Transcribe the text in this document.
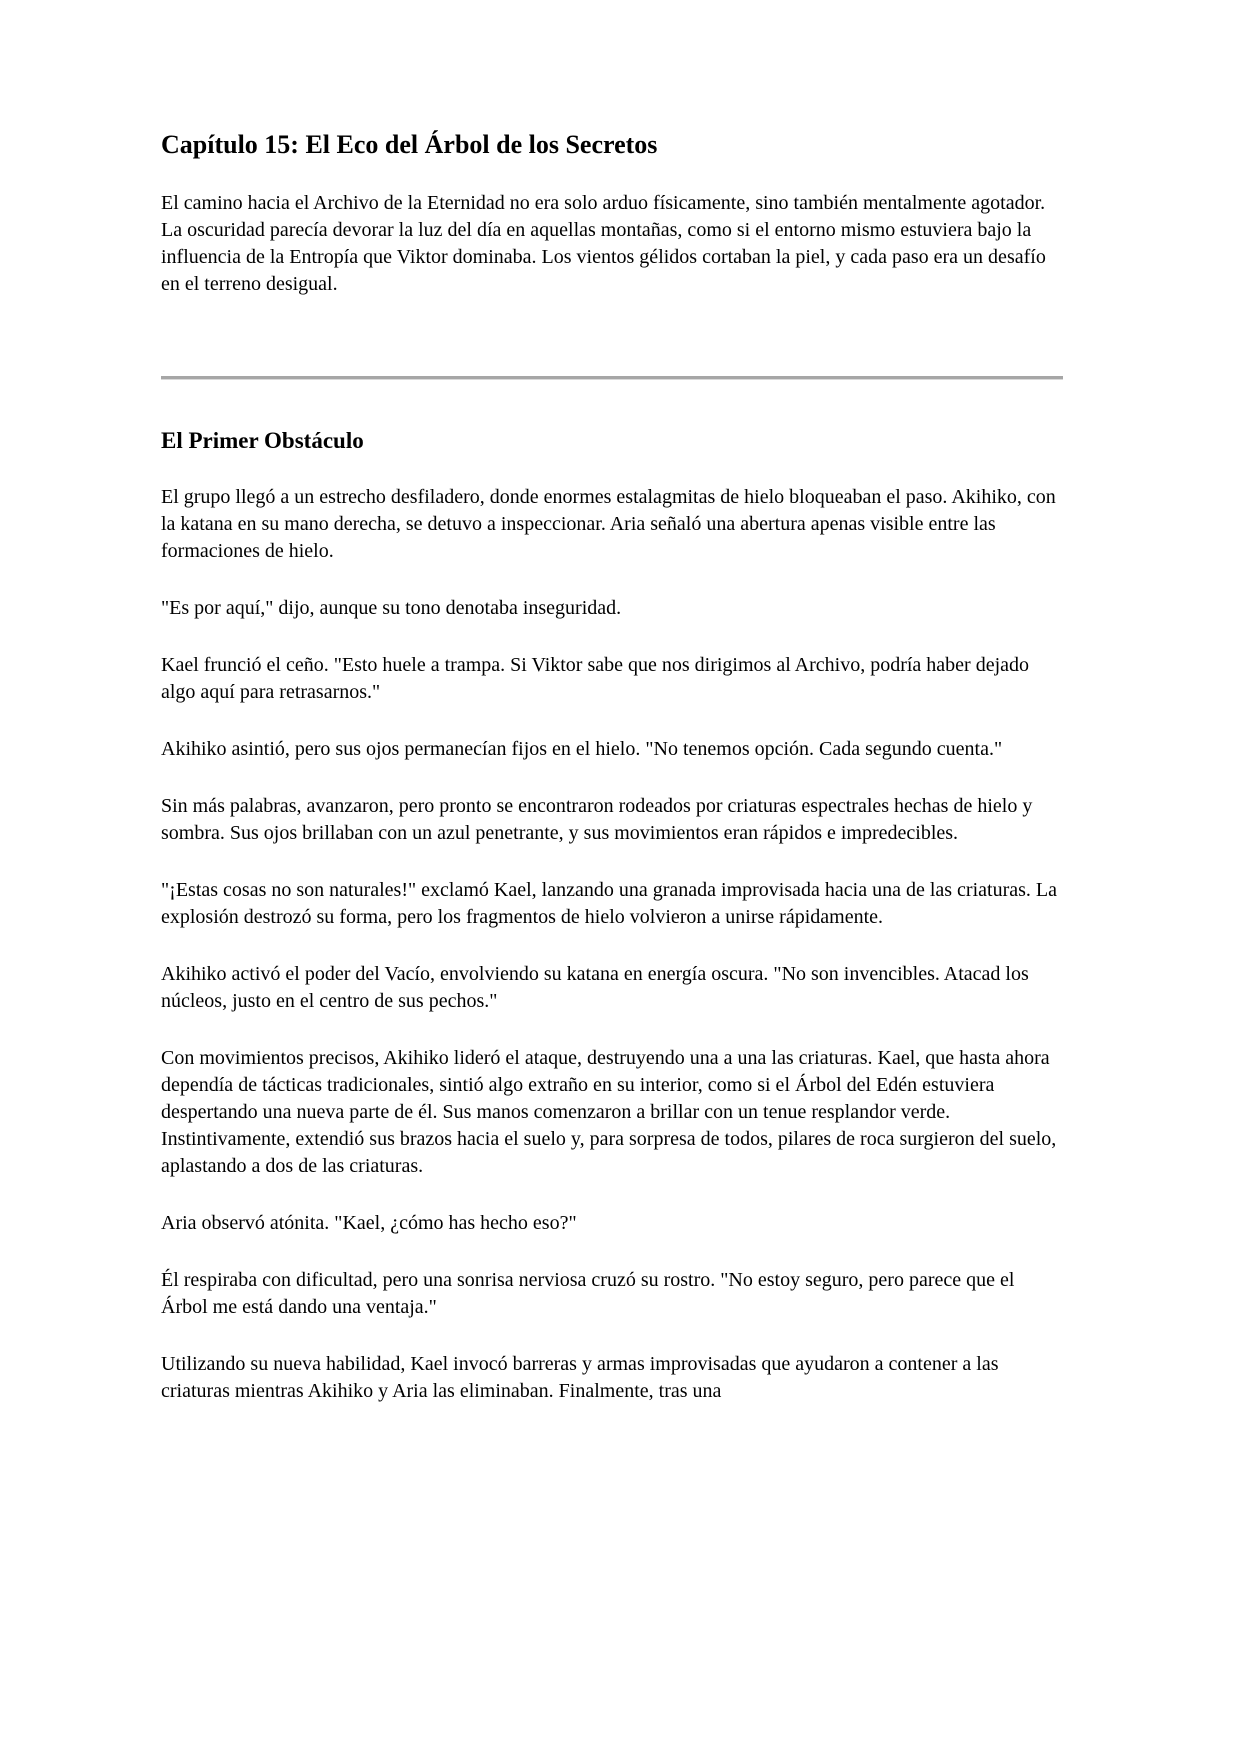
Capítulo 15: El Eco del Árbol de los Secretos

El camino hacia el Archivo de la Eternidad no era solo arduo físicamente, sino también mentalmente agotador. La oscuridad parecía devorar la luz del día en aquellas montañas, como si el entorno mismo estuviera bajo la influencia de la Entropía que Viktor dominaba. Los vientos gélidos cortaban la piel, y cada paso era un desafío en el terreno desigual.

El Primer Obstáculo

El grupo llegó a un estrecho desfiladero, donde enormes estalagmitas de hielo bloqueaban el paso. Akihiko, con la katana en su mano derecha, se detuvo a inspeccionar. Aria señaló una abertura apenas visible entre las formaciones de hielo.

"Es por aquí," dijo, aunque su tono denotaba inseguridad.

Kael frunció el ceño. "Esto huele a trampa. Si Viktor sabe que nos dirigimos al Archivo, podría haber dejado algo aquí para retrasarnos."

Akihiko asintió, pero sus ojos permanecían fijos en el hielo. "No tenemos opción. Cada segundo cuenta."

Sin más palabras, avanzaron, pero pronto se encontraron rodeados por criaturas espectrales hechas de hielo y sombra. Sus ojos brillaban con un azul penetrante, y sus movimientos eran rápidos e impredecibles.

"¡Estas cosas no son naturales!" exclamó Kael, lanzando una granada improvisada hacia una de las criaturas. La explosión destrozó su forma, pero los fragmentos de hielo volvieron a unirse rápidamente.

Akihiko activó el poder del Vacío, envolviendo su katana en energía oscura. "No son invencibles. Atacad los núcleos, justo en el centro de sus pechos."

Con movimientos precisos, Akihiko lideró el ataque, destruyendo una a una las criaturas. Kael, que hasta ahora dependía de tácticas tradicionales, sintió algo extraño en su interior, como si el Árbol del Edén estuviera despertando una nueva parte de él. Sus manos comenzaron a brillar con un tenue resplandor verde. Instintivamente, extendió sus brazos hacia el suelo y, para sorpresa de todos, pilares de roca surgieron del suelo, aplastando a dos de las criaturas.

Aria observó atónita. "Kael, ¿cómo has hecho eso?"

Él respiraba con dificultad, pero una sonrisa nerviosa cruzó su rostro. "No estoy seguro, pero parece que el Árbol me está dando una ventaja."

Utilizando su nueva habilidad, Kael invocó barreras y armas improvisadas que ayudaron a contener a las criaturas mientras Akihiko y Aria las eliminaban. Finalmente, tras una
